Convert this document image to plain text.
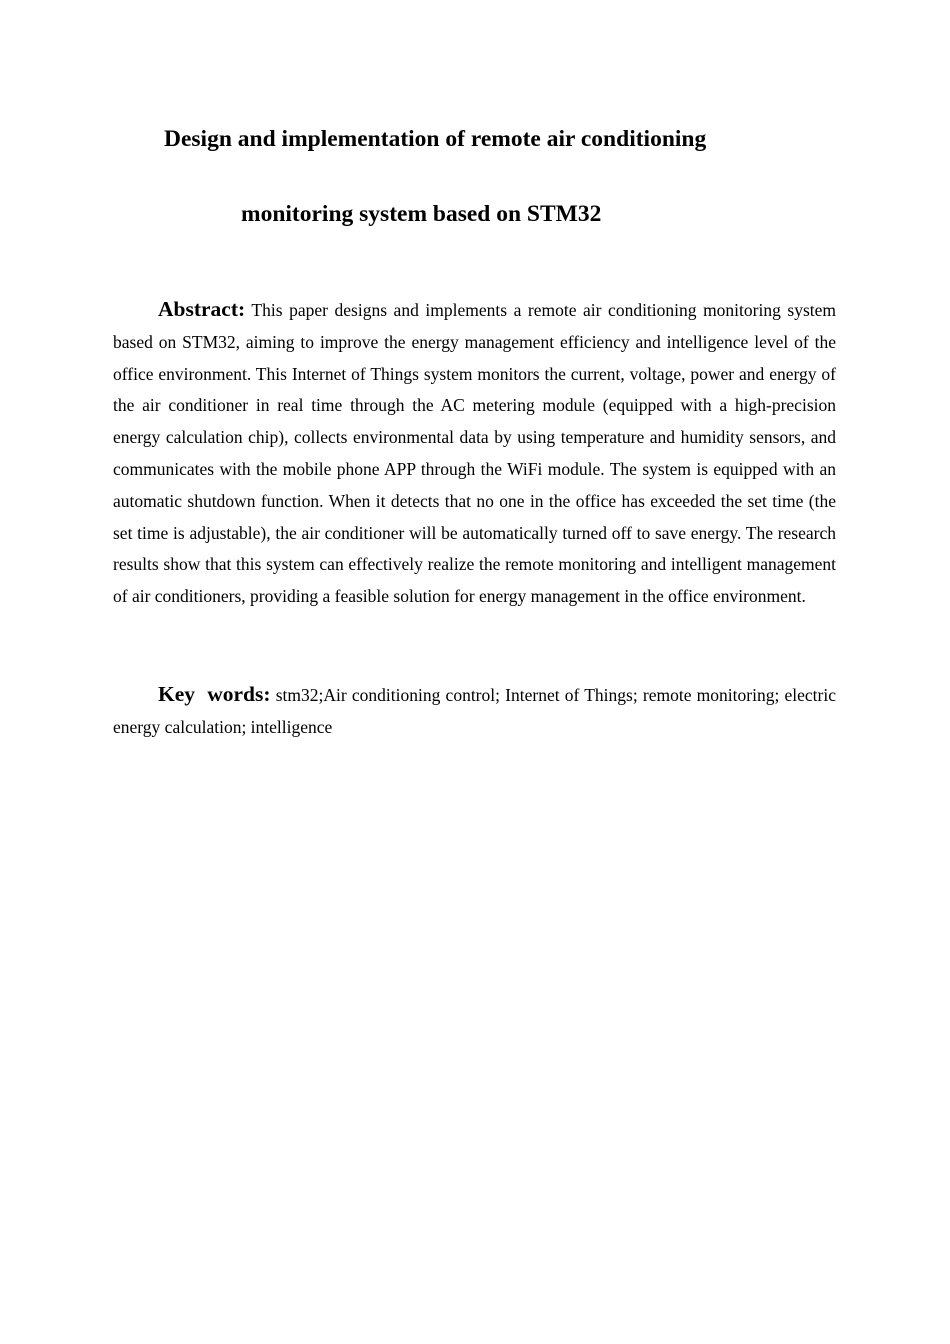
Design and implementation of remote air conditioning
monitoring system based on STM32

Abstract: This paper designs and implements a remote air conditioning monitoring system based on STM32, aiming to improve the energy management efficiency and intelligence level of the office environment. This Internet of Things system monitors the current, voltage, power and energy of the air conditioner in real time through the AC metering module (equipped with a high-precision energy calculation chip), collects environmental data by using temperature and humidity sensors, and communicates with the mobile phone APP through the WiFi module. The system is equipped with an automatic shutdown function. When it detects that no one in the office has exceeded the set time (the set time is adjustable), the air conditioner will be automatically turned off to save energy. The research results show that this system can effectively realize the remote monitoring and intelligent management of air conditioners, providing a feasible solution for energy management in the office environment.

Key words: stm32;Air conditioning control; Internet of Things; remote monitoring; electric energy calculation; intelligence
